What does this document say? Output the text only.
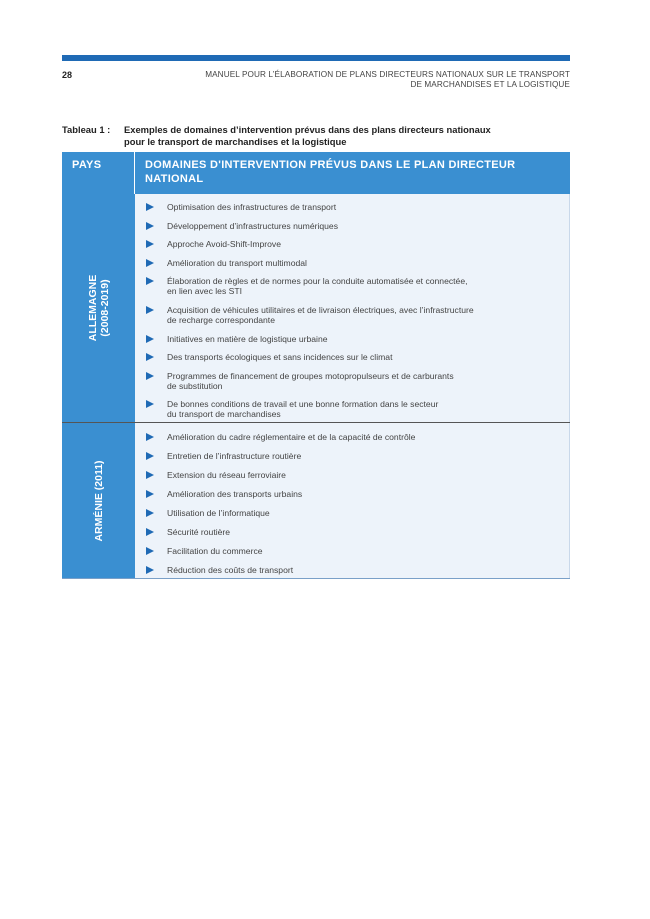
28	MANUEL POUR L’ÉLABORATION DE PLANS DIRECTEURS NATIONAUX SUR LE TRANSPORT
DE MARCHANDISES ET LA LOGISTIQUE
Tableau 1 : Exemples de domaines d’intervention prévus dans des plans directeurs nationaux
pour le transport de marchandises et la logistique
PAYS	DOMAINES D'INTERVENTION PRÉVUS DANS LE PLAN DIRECTEUR NATIONAL
ALLEMAGNE (2008-2019)
Optimisation des infrastructures de transport
Développement d’infrastructures numériques
Approche Avoid-Shift-Improve
Amélioration du transport multimodal
Élaboration de règles et de normes pour la conduite automatisée et connectée,
en lien avec les STI
Acquisition de véhicules utilitaires et de livraison électriques, avec l’infrastructure
de recharge correspondante
Initiatives en matière de logistique urbaine
Des transports écologiques et sans incidences sur le climat
Programmes de financement de groupes motopropulseurs et de carburants
de substitution
De bonnes conditions de travail et une bonne formation dans le secteur
du transport de marchandises
ARMÉNIE (2011)
Amélioration du cadre réglementaire et de la capacité de contrôle
Entretien de l’infrastructure routière
Extension du réseau ferroviaire
Amélioration des transports urbains
Utilisation de l’informatique
Sécurité routière
Facilitation du commerce
Réduction des coûts de transport
